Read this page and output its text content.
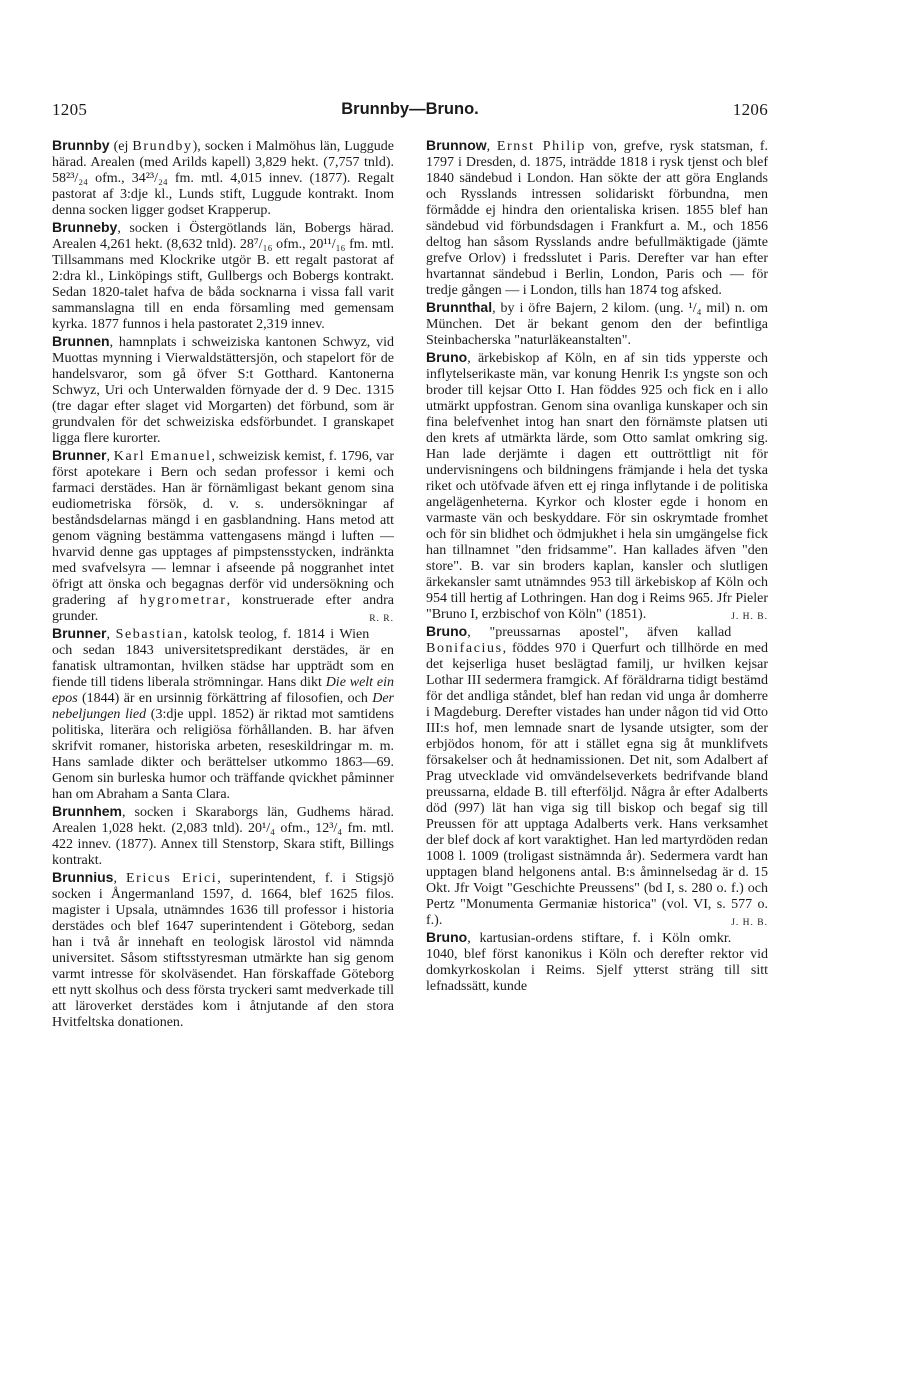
1205	Brunnby—Bruno.	1206

Brunnby (ej Brundby), socken i Malmöhus län, Luggude härad. Arealen (med Arilds kapell) 3,829 hekt. (7,757 tnld). 58²³/₂₄ ofm., 34²³/₂₄ fm. mtl. 4,015 innev. (1877). Regalt pastorat af 3:dje kl., Lunds stift, Luggude kontrakt. Inom denna socken ligger godset Krapperup.

Brunneby, socken i Östergötlands län, Bobergs härad. Arealen 4,261 hekt. (8,632 tnld). 28⁷/₁₆ ofm., 20¹¹/₁₆ fm. mtl. Tillsammans med Klockrike utgör B. ett regalt pastorat af 2:dra kl., Linköpings stift, Gullbergs och Bobergs kontrakt. Sedan 1820-talet hafva de båda socknarna i vissa fall varit sammanslagna till en enda församling med gemensam kyrka. 1877 funnos i hela pastoratet 2,319 innev.

Brunnen, hamnplats i schweiziska kantonen Schwyz, vid Muottas mynning i Vierwaldstättersjön, och stapelort för de handelsvaror, som gå öfver S:t Gotthard. Kantonerna Schwyz, Uri och Unterwalden förnyade der d. 9 Dec. 1315 (tre dagar efter slaget vid Morgarten) det förbund, som är grundvalen för det schweiziska edsförbundet. I granskapet ligga flere kurorter.

Brunner, Karl Emanuel, schweizisk kemist, f. 1796, var först apotekare i Bern och sedan professor i kemi och farmaci derstädes. Han är förnämligast bekant genom sina eudiometriska försök, d. v. s. undersökningar af beståndsdelarnas mängd i en gasblandning. Hans metod att genom vägning bestämma vattengasens mängd i luften — hvarvid denne gas upptages af pimpstensstycken, indränkta med svafvelsyra — lemnar i afseende på noggranhet intet öfrigt att önska och begagnas derför vid undersökning och gradering af hygrometrar, konstruerade efter andra grunder.	R. R.

Brunner, Sebastian, katolsk teolog, f. 1814 i Wien och sedan 1843 universitetspredikant derstädes, är en fanatisk ultramontan, hvilken städse har uppträdt som en fiende till tidens liberala strömningar. Hans dikt Die welt ein epos (1844) är en ursinnig förkättring af filosofien, och Der nebeljungen lied (3:dje uppl. 1852) är riktad mot samtidens politiska, literära och religiösa förhållanden. B. har äfven skrifvit romaner, historiska arbeten, reseskildringar m. m. Hans samlade dikter och berättelser utkommo 1863—69. Genom sin burleska humor och träffande qvickhet påminner han om Abraham a Santa Clara.

Brunnhem, socken i Skaraborgs län, Gudhems härad. Arealen 1,028 hekt. (2,083 tnld). 20¹/₄ ofm., 12³/₄ fm. mtl. 422 innev. (1877). Annex till Stenstorp, Skara stift, Billings kontrakt.

Brunnius, Ericus Erici, superintendent, f. i Stigsjö socken i Ångermanland 1597, d. 1664, blef 1625 filos. magister i Upsala, utnämndes 1636 till professor i historia derstädes och blef 1647 superintendent i Göteborg, sedan han i två år innehaft en teologisk lärostol vid nämnda universitet. Såsom stiftsstyresman utmärkte han sig genom varmt intresse för skolväsendet. Han förskaffade Göteborg ett nytt skolhus och dess första tryckeri samt medverkade till att läroverket derstädes kom i åtnjutande af den stora Hvitfeltska donationen.

Brunnow, Ernst Philip von, grefve, rysk statsman, f. 1797 i Dresden, d. 1875, inträdde 1818 i rysk tjenst och blef 1840 sändebud i London. Han sökte der att göra Englands och Rysslands intressen solidariskt förbundna, men förmådde ej hindra den orientaliska krisen. 1855 blef han sändebud vid förbundsdagen i Frankfurt a. M., och 1856 deltog han såsom Rysslands andre befullmäktigade (jämte grefve Orlov) i fredsslutet i Paris. Derefter var han efter hvartannat sändebud i Berlin, London, Paris och — för tredje gången — i London, tills han 1874 tog afsked.

Brunnthal, by i öfre Bajern, 2 kilom. (ung. ¹/₄ mil) n. om München. Det är bekant genom den der befintliga Steinbacherska "naturläkeanstalten".

Bruno, ärkebiskop af Köln, en af sin tids ypperste och inflytelserikaste män, var konung Henrik I:s yngste son och broder till kejsar Otto I. Han föddes 925 och fick en i allo utmärkt uppfostran. Genom sina ovanliga kunskaper och sin fina belefvenhet intog han snart den förnämste platsen uti den krets af utmärkta lärde, som Otto samlat omkring sig. Han lade derjämte i dagen ett outtröttligt nit för undervisningens och bildningens främjande i hela det tyska riket och utöfvade äfven ett ej ringa inflytande i de politiska angelägenheterna. Kyrkor och kloster egde i honom en varmaste vän och beskyddare. För sin oskrymtade fromhet och för sin blidhet och ödmjukhet i hela sin umgängelse fick han tillnamnet "den fridsamme". Han kallades äfven "den store". B. var sin broders kaplan, kansler och slutligen ärkekansler samt utnämndes 953 till ärkebiskop af Köln och 954 till hertig af Lothringen. Han dog i Reims 965. Jfr Pieler "Bruno I, erzbischof von Köln" (1851).	J. H. B.

Bruno, "preussarnas apostel", äfven kallad Bonifacius, föddes 970 i Querfurt och tillhörde en med det kejserliga huset beslägtad familj, ur hvilken kejsar Lothar III sedermera framgick. Af föräldrarna tidigt bestämd för det andliga ståndet, blef han redan vid unga år domherre i Magdeburg. Derefter vistades han under någon tid vid Otto III:s hof, men lemnade snart de lysande utsigter, som der erbjödos honom, för att i stället egna sig åt munklifvets försakelser och åt hednamissionen. Det nit, som Adalbert af Prag utvecklade vid omvändelseverkets bedrifvande bland preussarna, eldade B. till efterföljd. Några år efter Adalberts död (997) lät han viga sig till biskop och begaf sig till Preussen för att upptaga Adalberts verk. Hans verksamhet der blef dock af kort varaktighet. Han led martyrdöden redan 1008 l. 1009 (troligast sistnämnda år). Sedermera vardt han upptagen bland helgonens antal. B:s åminnelsedag är d. 15 Okt. Jfr Voigt "Geschichte Preussens" (bd I, s. 280 o. f.) och Pertz "Monumenta Germaniæ historica" (vol. VI, s. 577 o. f.).	J. H. B.

Bruno, kartusian-ordens stiftare, f. i Köln omkr. 1040, blef först kanonikus i Köln och derefter rektor vid domkyrkoskolan i Reims. Sjelf ytterst sträng till sitt lefnadssätt, kunde
